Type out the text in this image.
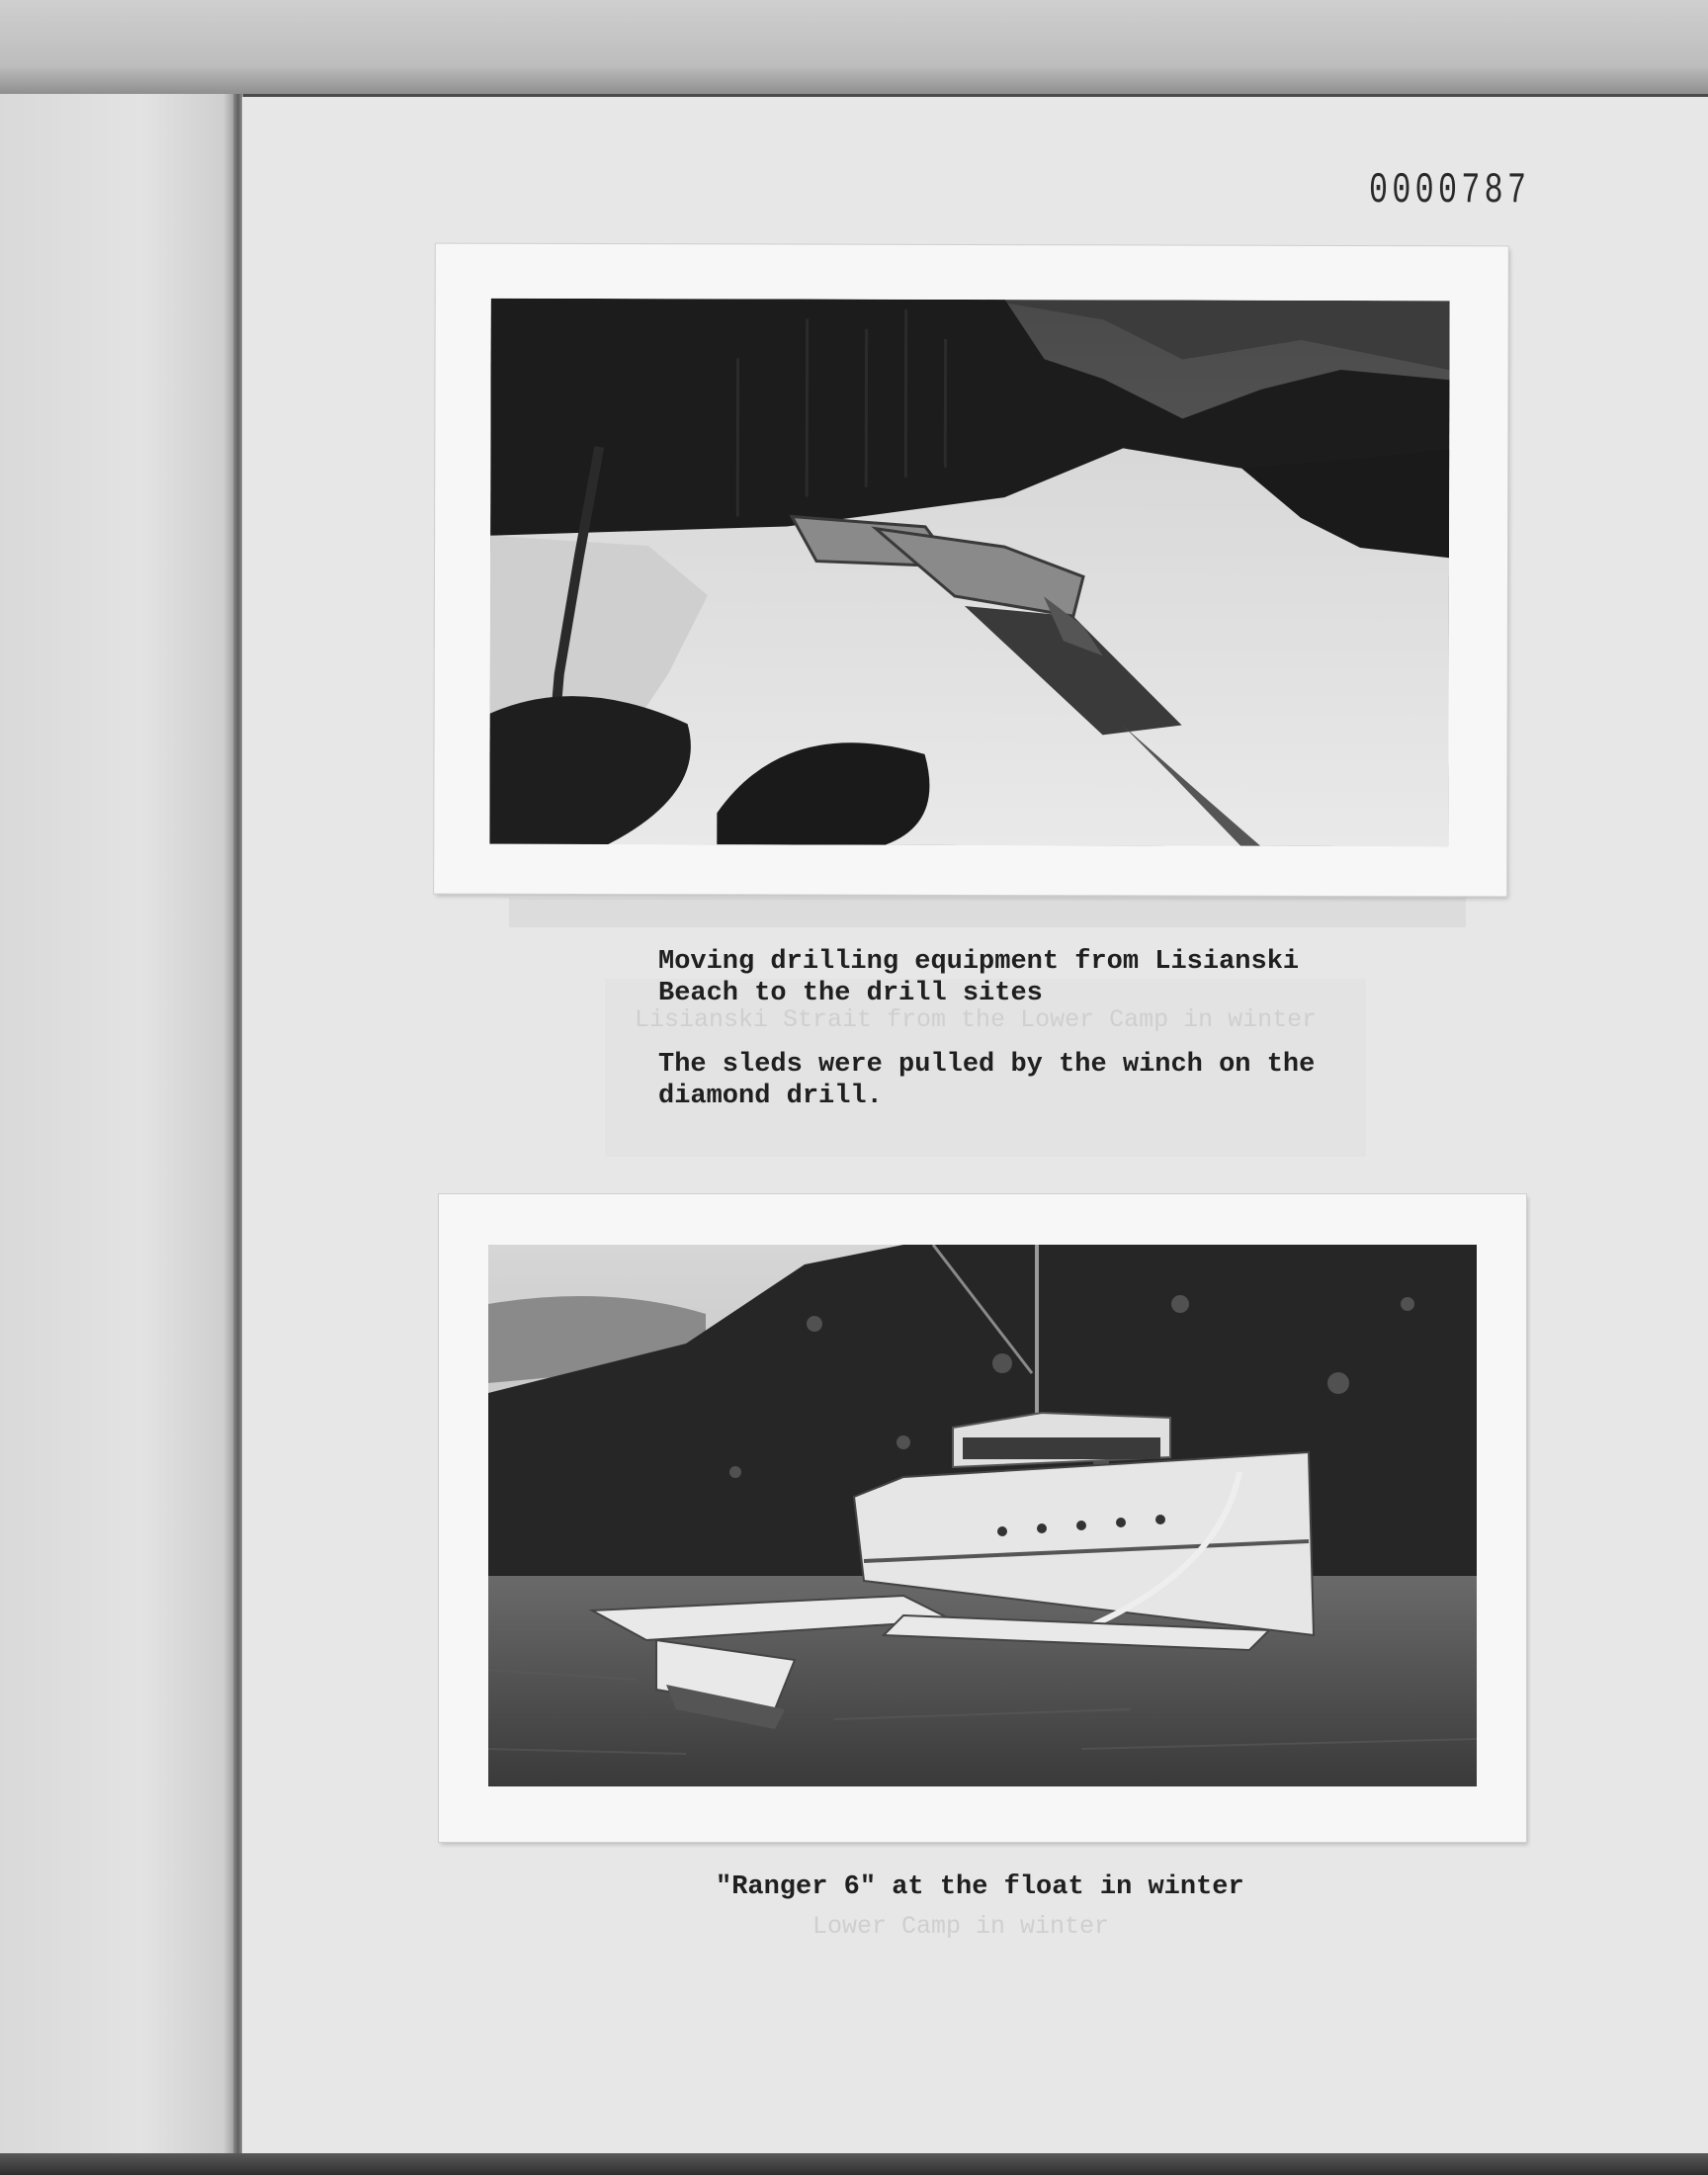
0000787
Lisianski Strait from the Lower Camp in winter
Lower Camp in winter
Moving drilling equipment from Lisianski
Beach to the drill sites
The sleds were pulled by the winch on the
diamond drill.
"Ranger 6" at the float in winter
